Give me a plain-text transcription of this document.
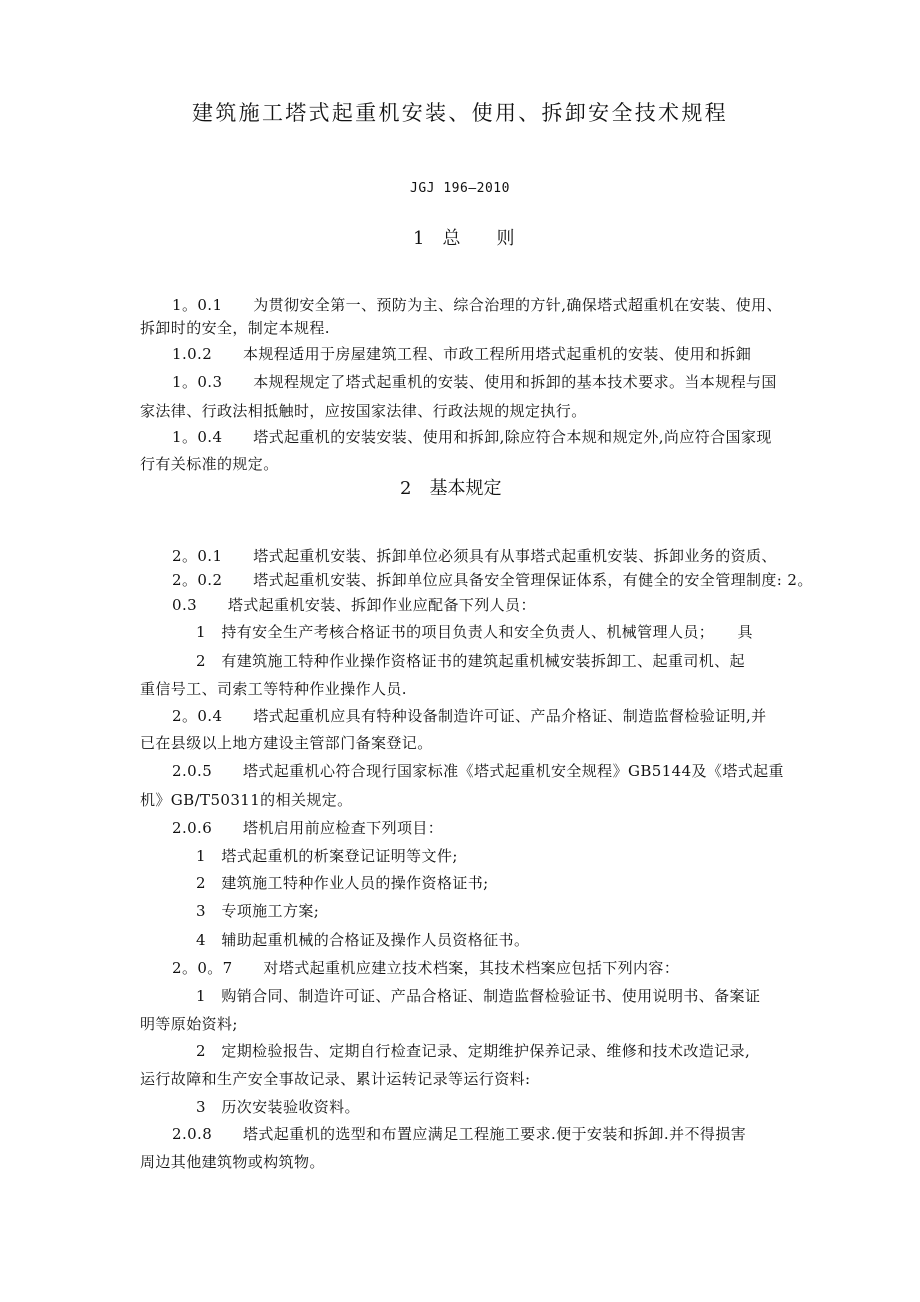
建筑施工塔式起重机安装、使用、拆卸安全技术规程
JGJ 196—2010
1　总　　则
1。0.1　　为贯彻安全第一、预防为主、综合治理的方针,确保塔式超重机在安装、使用、
拆卸时的安全，制定本规程.
1.0.2　　本规程适用于房屋建筑工程、市政工程所用塔式起重机的安装、使用和拆鈿
1。0.3　　本规程规定了塔式起重机的安装、使用和拆卸的基本技术要求。当本规程与国
家法律、行政法相抵触时，应按国家法律、行政法规的规定执行。
1。0.4　　塔式起重机的安装安装、使用和拆卸,除应符合本规和规定外,尚应符合国家现
行有关标准的规定。
2　基本规定
2。0.1　　塔式起重机安装、拆卸单位必须具有从事塔式起重机安装、拆卸业务的资质、
2。0.2　　塔式起重机安装、拆卸单位应具备安全管理保证体系，有健全的安全管理制度: 2。
0.3　　塔式起重机安装、拆卸作业应配备下列人员：
1　持有安全生产考核合格证书的项目负责人和安全负责人、机械管理人员；　　具
2　有建筑施工特种作业操作资格证书的建筑起重机械安装拆卸工、起重司机、起
重信号工、司索工等特种作业操作人员.
2。0.4　　塔式起重机应具有特种设备制造许可证、产品介格证、制造监督检验证明,并
已在县级以上地方建设主管部门备案登记。
2.0.5　　塔式起重机心符合现行国家标准《塔式起重机安全规程》GB5144及《塔式起重
机》GB/T50311的相关规定。
2.0.6　　塔机启用前应检查下列项目：
1　塔式起重机的析案登记证明等文件;
2　建筑施工特种作业人员的操作资格证书;
3　专项施工方案;
4　辅助起重机械的合格证及操作人员资格征书。
2。0。7　　对塔式起重机应建立技术档案，其技术档案应包括下列内容：
1　购销合同、制造许可证、产品合格证、制造监督检验证书、使用说明书、备案证
明等原始资料;
2　定期检验报告、定期自行检查记录、定期维护保养记录、维修和技术改造记录,
运行故障和生产安全事故记录、累计运转记录等运行资料:
3　历次安装验收资料。
2.0.8　　塔式起重机的选型和布置应满足工程施工要求.便于安装和拆卸.并不得损害
周边其他建筑物或构筑物。
